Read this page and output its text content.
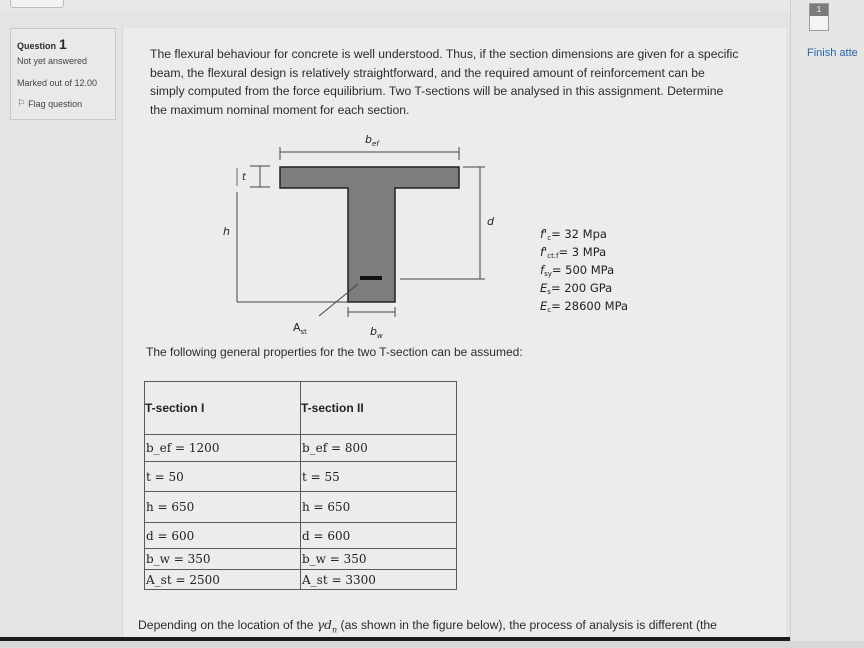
Question 1
Not yet answered
Marked out of 12.00
⚐ Flag question
The flexural behaviour for concrete is well understood. Thus, if the section dimensions are given for a specific beam, the flexural design is relatively straightforward, and the required amount of reinforcement can be simply computed from the force equilibrium. Two T-sections will be analysed in this assignment. Determine the maximum nominal moment for each section.
$b_{ef}$
t
h
d
$b_w$
$A_{st}$
f'c= 32 Mpa
f'ct.f= 3 MPa
fsy= 500 MPa
Es= 200 GPa
Ec= 28600 MPa
The following general properties for the two T-section can be assumed:
T-section I	T-section II
b_ef = 1200	b_ef = 800
t = 50	t = 55
h = 650	h = 650
d = 600	d = 600
b_w = 350	b_w = 350
A_st = 2500	A_st = 3300
Depending on the location of the $\gamma d_n$ (as shown in the figure below), the process of analysis is different (the
1
Finish atte
